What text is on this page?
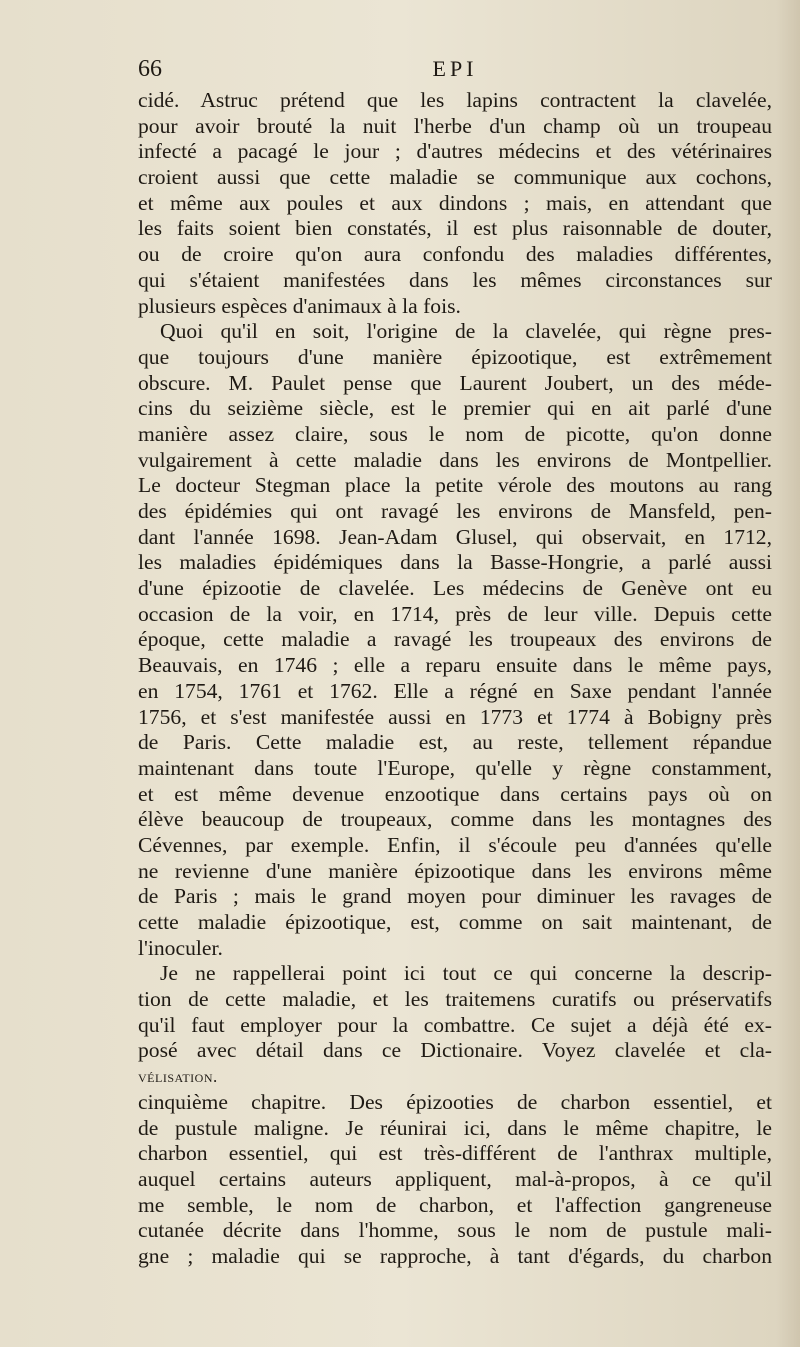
66	EPI
cidé. Astruc prétend que les lapins contractent la clavelée,
pour avoir brouté la nuit l'herbe d'un champ où un troupeau
infecté a pacagé le jour ; d'autres médecins et des vétérinaires
croient aussi que cette maladie se communique aux cochons,
et même aux poules et aux dindons ; mais, en attendant que
les faits soient bien constatés, il est plus raisonnable de douter,
ou de croire qu'on aura confondu des maladies différentes,
qui s'étaient manifestées dans les mêmes circonstances sur
plusieurs espèces d'animaux à la fois.
Quoi qu'il en soit, l'origine de la clavelée, qui règne pres-
que toujours d'une manière épizootique, est extrêmement
obscure. M. Paulet pense que Laurent Joubert, un des méde-
cins du seizième siècle, est le premier qui en ait parlé d'une
manière assez claire, sous le nom de picotte, qu'on donne
vulgairement à cette maladie dans les environs de Montpellier.
Le docteur Stegman place la petite vérole des moutons au rang
des épidémies qui ont ravagé les environs de Mansfeld, pen-
dant l'année 1698. Jean-Adam Glusel, qui observait, en 1712,
les maladies épidémiques dans la Basse-Hongrie, a parlé aussi
d'une épizootie de clavelée. Les médecins de Genève ont eu
occasion de la voir, en 1714, près de leur ville. Depuis cette
époque, cette maladie a ravagé les troupeaux des environs de
Beauvais, en 1746 ; elle a reparu ensuite dans le même pays,
en 1754, 1761 et 1762. Elle a régné en Saxe pendant l'année
1756, et s'est manifestée aussi en 1773 et 1774 à Bobigny près
de Paris. Cette maladie est, au reste, tellement répandue
maintenant dans toute l'Europe, qu'elle y règne constamment,
et est même devenue enzootique dans certains pays où on
élève beaucoup de troupeaux, comme dans les montagnes des
Cévennes, par exemple. Enfin, il s'écoule peu d'années qu'elle
ne revienne d'une manière épizootique dans les environs même
de Paris ; mais le grand moyen pour diminuer les ravages de
cette maladie épizootique, est, comme on sait maintenant, de
l'inoculer.
Je ne rappellerai point ici tout ce qui concerne la descrip-
tion de cette maladie, et les traitemens curatifs ou préservatifs
qu'il faut employer pour la combattre. Ce sujet a déjà été ex-
posé avec détail dans ce Dictionaire. Voyez clavelée et cla-
vélisation.
cinquième chapitre. Des épizooties de charbon essentiel, et
de pustule maligne. Je réunirai ici, dans le même chapitre, le
charbon essentiel, qui est très-différent de l'anthrax multiple,
auquel certains auteurs appliquent, mal-à-propos, à ce qu'il
me semble, le nom de charbon, et l'affection gangreneuse
cutanée décrite dans l'homme, sous le nom de pustule mali-
gne ; maladie qui se rapproche, à tant d'égards, du charbon
